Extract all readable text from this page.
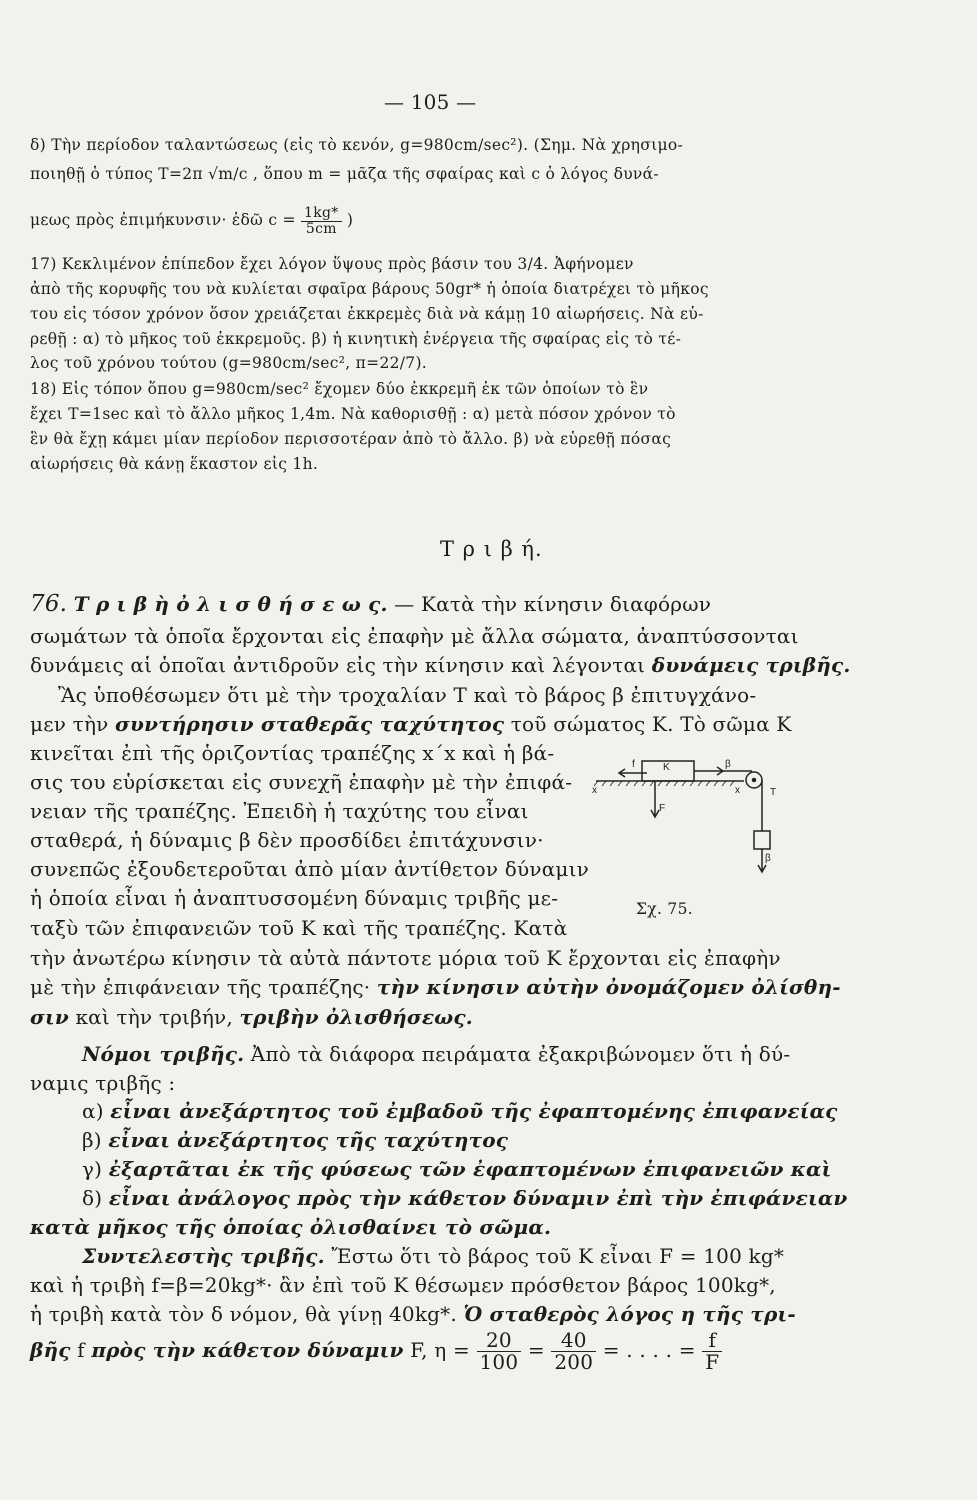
— 105 —
δ) Τὴν περίοδον ταλαντώσεως (εἰς τὸ κενόν, g=980cm/sec²). (Σημ. Νὰ χρησιμο-
ποιηθῇ ὁ τύπος T=2π √m/c , ὅπου m = μᾶζα τῆς σφαίρας καὶ c ὁ λόγος δυνά-
μεως πρὸς ἐπιμήκυνσιν· ἐδῶ $c = \frac{1kg*}{5cm}$ )
17) Κεκλιμένον ἐπίπεδον ἔχει λόγον ὕψους πρὸς βάσιν του 3/4. Ἀφήνομεν
ἀπὸ τῆς κορυφῆς του νὰ κυλίεται σφαῖρα βάρους 50gr* ἡ ὁποία διατρέχει τὸ μῆκος
του εἰς τόσον χρόνον ὅσον χρειάζεται ἐκκρεμὲς διὰ νὰ κάμῃ 10 αἰωρήσεις. Νὰ εὑ-
ρεθῇ : α) τὸ μῆκος τοῦ ἐκκρεμοῦς. β) ἡ κινητικὴ ἐνέργεια τῆς σφαίρας εἰς τὸ τέ-
λος τοῦ χρόνου τούτου (g=980cm/sec², π=22/7).
18) Εἰς τόπον ὅπου g=980cm/sec² ἔχομεν δύο ἐκκρεμῆ ἐκ τῶν ὁποίων τὸ ἓν
ἔχει T=1sec καὶ τὸ ἄλλο μῆκος 1,4m. Νὰ καθορισθῇ : α) μετὰ πόσον χρόνον τὸ
ἓν θὰ ἔχῃ κάμει μίαν περίοδον περισσοτέραν ἀπὸ τὸ ἄλλο. β) νὰ εὑρεθῇ πόσας
αἰωρήσεις θὰ κάνῃ ἕκαστον εἰς 1h.
Τ ρ ι β ή.
76. Τ ρ ι β ὴ ὀ λ ι σ θ ή σ ε ω ς. — Κατὰ τὴν κίνησιν διαφόρων
σωμάτων τὰ ὁποῖα ἔρχονται εἰς ἐπαφὴν μὲ ἄλλα σώματα, ἀναπτύσσονται
δυνάμεις αἱ ὁποῖαι ἀντιδροῦν εἰς τὴν κίνησιν καὶ λέγονται δυνάμεις τριβῆς.
Ἂς ὑποθέσωμεν ὅτι μὲ τὴν τροχαλίαν T καὶ τὸ βάρος β ἐπιτυγχάνο-
μεν τὴν συντήρησιν σταθερᾶς ταχύτητος τοῦ σώματος K. Τὸ σῶμα K
κινεῖται ἐπὶ τῆς ὁριζοντίας τραπέζης x΄x καὶ ἡ βά-
σις του εὑρίσκεται εἰς συνεχῆ ἐπαφὴν μὲ τὴν ἐπιφά-
νειαν τῆς τραπέζης. Ἐπειδὴ ἡ ταχύτης του εἶναι
σταθερά, ἡ δύναμις β δὲν προσδίδει ἐπιτάχυνσιν·
συνεπῶς ἐξουδετεροῦται ἀπὸ μίαν ἀντίθετον δύναμιν
ἡ ὁποία εἶναι ἡ ἀναπτυσσομένη δύναμις τριβῆς με-
ταξὺ τῶν ἐπιφανειῶν τοῦ K καὶ τῆς τραπέζης. Κατὰ
τὴν ἀνωτέρω κίνησιν τὰ αὐτὰ πάντοτε μόρια τοῦ K ἔρχονται εἰς ἐπαφὴν
μὲ τὴν ἐπιφάνειαν τῆς τραπέζης· τὴν κίνησιν αὐτὴν ὀνομάζομεν ὀλίσθη-
σιν καὶ τὴν τριβήν, τριβὴν ὀλισθήσεως.
x	x
K
f	β
T
F
β
Σχ. 75.
Νόμοι τριβῆς. Ἀπὸ τὰ διάφορα πειράματα ἐξακριβώνομεν ὅτι ἡ δύ-
ναμις τριβῆς :
α) εἶναι ἀνεξάρτητος τοῦ ἐμβαδοῦ τῆς ἐφαπτομένης ἐπιφανείας
β) εἶναι ἀνεξάρτητος τῆς ταχύτητος
γ) ἐξαρτᾶται ἐκ τῆς φύσεως τῶν ἐφαπτομένων ἐπιφανειῶν καὶ
δ) εἶναι ἀνάλογος πρὸς τὴν κάθετον δύναμιν ἐπὶ τὴν ἐπιφάνειαν
κατὰ μῆκος τῆς ὁποίας ὀλισθαίνει τὸ σῶμα.
Συντελεστὴς τριβῆς. Ἔστω ὅτι τὸ βάρος τοῦ K εἶναι F = 100 kg*
καὶ ἡ τριβὴ f=β=20kg*· ἂν ἐπὶ τοῦ K θέσωμεν πρόσθετον βάρος 100kg*,
ἡ τριβὴ κατὰ τὸν δ νόμον, θὰ γίνῃ 40kg*. Ὁ σταθερὸς λόγος η τῆς τρι-
βῆς f πρὸς τὴν κάθετον δύναμιν F, $\eta = \frac{20}{100} = \frac{40}{200}$ = . . . . = $\frac{f}{F}$
